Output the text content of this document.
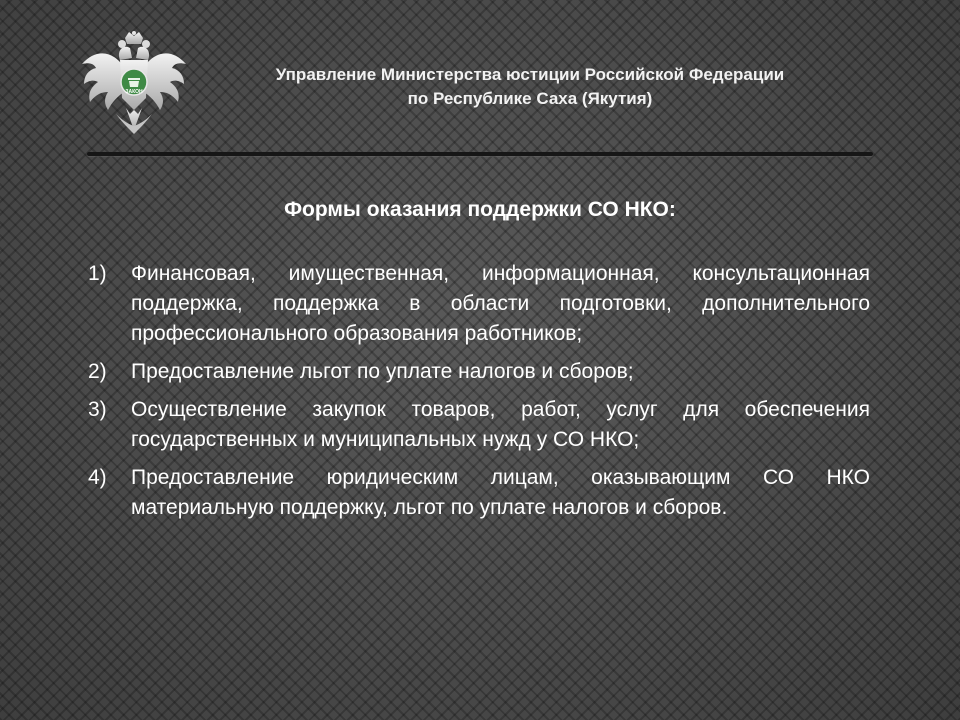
ЗАКОН
Управление Министерства юстиции Российской Федерации
по Республике Саха (Якутия)
Формы оказания поддержки СО НКО:
1) Финансовая, имущественная, информационная, консультационная поддержка, поддержка в области подготовки, дополнительного профессионального образования работников;
2) Предоставление льгот по уплате налогов и сборов;
3) Осуществление закупок товаров, работ, услуг для обеспечения государственных и муниципальных нужд у СО НКО;
4) Предоставление юридическим лицам, оказывающим СО НКО материальную поддержку, льгот по уплате налогов и сборов.
